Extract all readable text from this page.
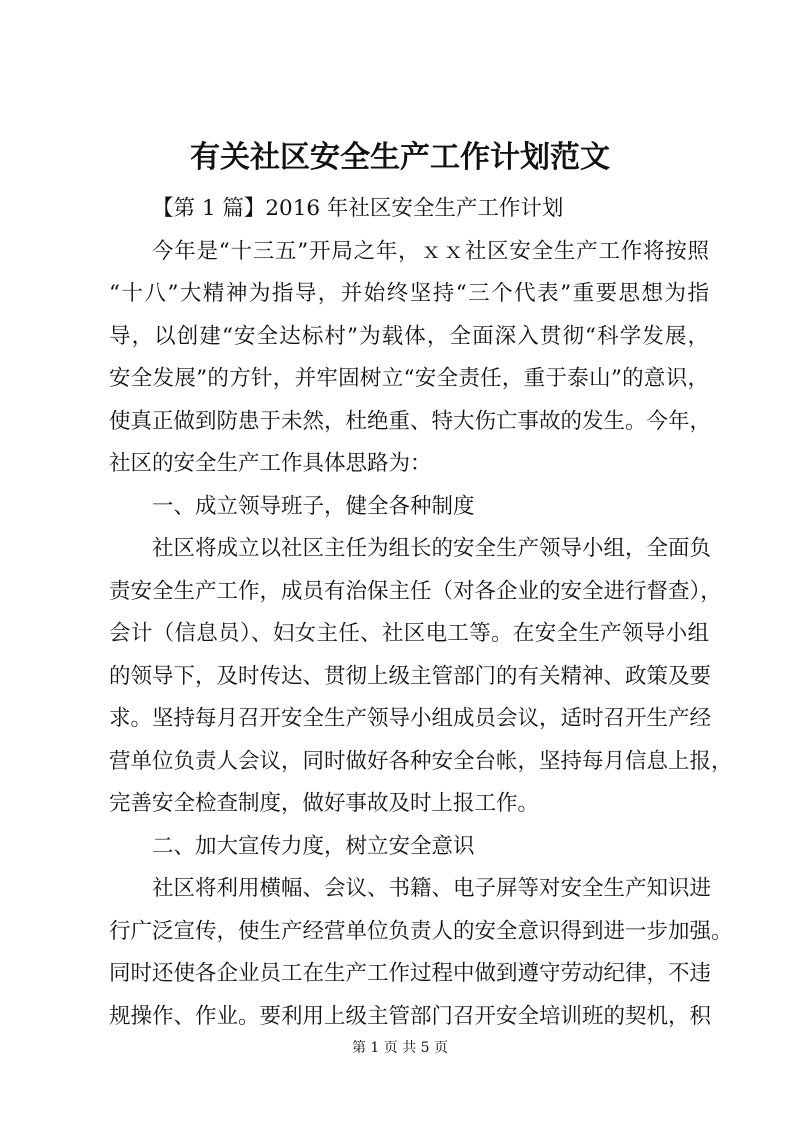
有关社区安全生产工作计划范文
【第 1 篇】2016 年社区安全生产工作计划
今年是“十三五”开局之年，ｘｘ社区安全生产工作将按照
“十八”大精神为指导，并始终坚持“三个代表”重要思想为指
导，以创建“安全达标村”为载体，全面深入贯彻“科学发展，
安全发展”的方针，并牢固树立“安全责任，重于泰山”的意识，
使真正做到防患于未然，杜绝重、特大伤亡事故的发生。今年，
社区的安全生产工作具体思路为：
一、成立领导班子，健全各种制度
社区将成立以社区主任为组长的安全生产领导小组，全面负
责安全生产工作，成员有治保主任（对各企业的安全进行督查），
会计（信息员）、妇女主任、社区电工等。在安全生产领导小组
的领导下，及时传达、贯彻上级主管部门的有关精神、政策及要
求。坚持每月召开安全生产领导小组成员会议，适时召开生产经
营单位负责人会议，同时做好各种安全台帐，坚持每月信息上报，
完善安全检查制度，做好事故及时上报工作。
二、加大宣传力度，树立安全意识
社区将利用横幅、会议、书籍、电子屏等对安全生产知识进
行广泛宣传，使生产经营单位负责人的安全意识得到进一步加强。
同时还使各企业员工在生产工作过程中做到遵守劳动纪律，不违
规操作、作业。要利用上级主管部门召开安全培训班的契机，积
第 1 页 共 5 页
